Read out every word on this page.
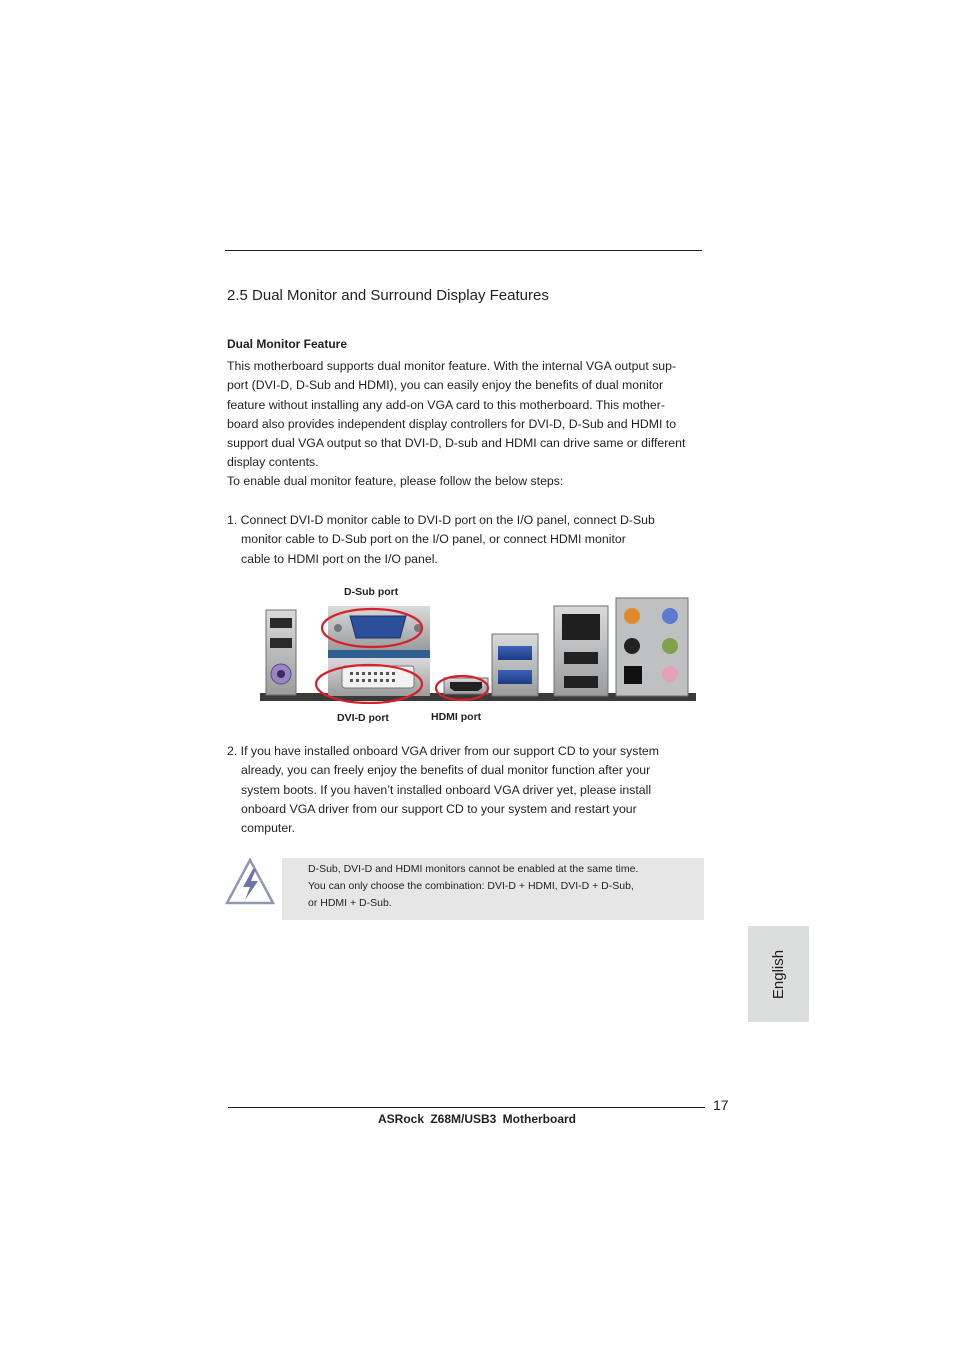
2.5 Dual Monitor and Surround Display Features
Dual Monitor Feature
This motherboard supports dual monitor feature. With the internal VGA output sup-
port (DVI-D, D-Sub and HDMI), you can easily enjoy the benefits of dual monitor
feature without installing any add-on VGA card to this motherboard. This mother-
board also provides independent display controllers for DVI-D, D-Sub and HDMI to
support dual VGA output so that DVI-D, D-sub and HDMI can drive same or different
display contents.
To enable dual monitor feature, please follow the below steps:
1. Connect DVI-D monitor cable to DVI-D port on the I/O panel, connect D-Sub
monitor cable to D-Sub port on the I/O panel, or connect HDMI monitor
cable to HDMI port on the I/O panel.
D-Sub port
DVI-D port	HDMI port
2. If you have installed onboard VGA driver from our support CD to your system
already, you can freely enjoy the benefits of dual monitor function after your
system boots. If you haven’t installed onboard VGA driver yet, please install
onboard VGA driver from our support CD to your system and restart your
computer.
D-Sub, DVI-D and HDMI monitors cannot be enabled at the same time.
You can only choose the combination: DVI-D + HDMI, DVI-D + D-Sub,
or HDMI + D-Sub.
English
17
ASRock Z68M/USB3 Motherboard
